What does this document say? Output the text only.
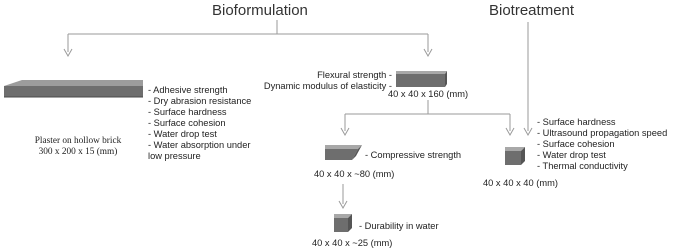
Bioformulation	Biotreatment

- Adhesive strength
- Dry abrasion resistance
- Surface hardness
- Surface cohesion
- Water drop test
- Water absorption under
low pressure
Plaster on hollow brick
300 x 200 x 15 (mm)
Flexural strength -
Dynamic modulus of elasticity -

40 x 40 x 160 (mm)

- Compressive strength

40 x 40 x ~80 (mm)

- Durability in water

40 x 40 x ~25 (mm)

- Surface hardness
- Ultrasound propagation speed
- Surface cohesion
- Water drop test
- Thermal conductivity

40 x 40 x 40 (mm)
